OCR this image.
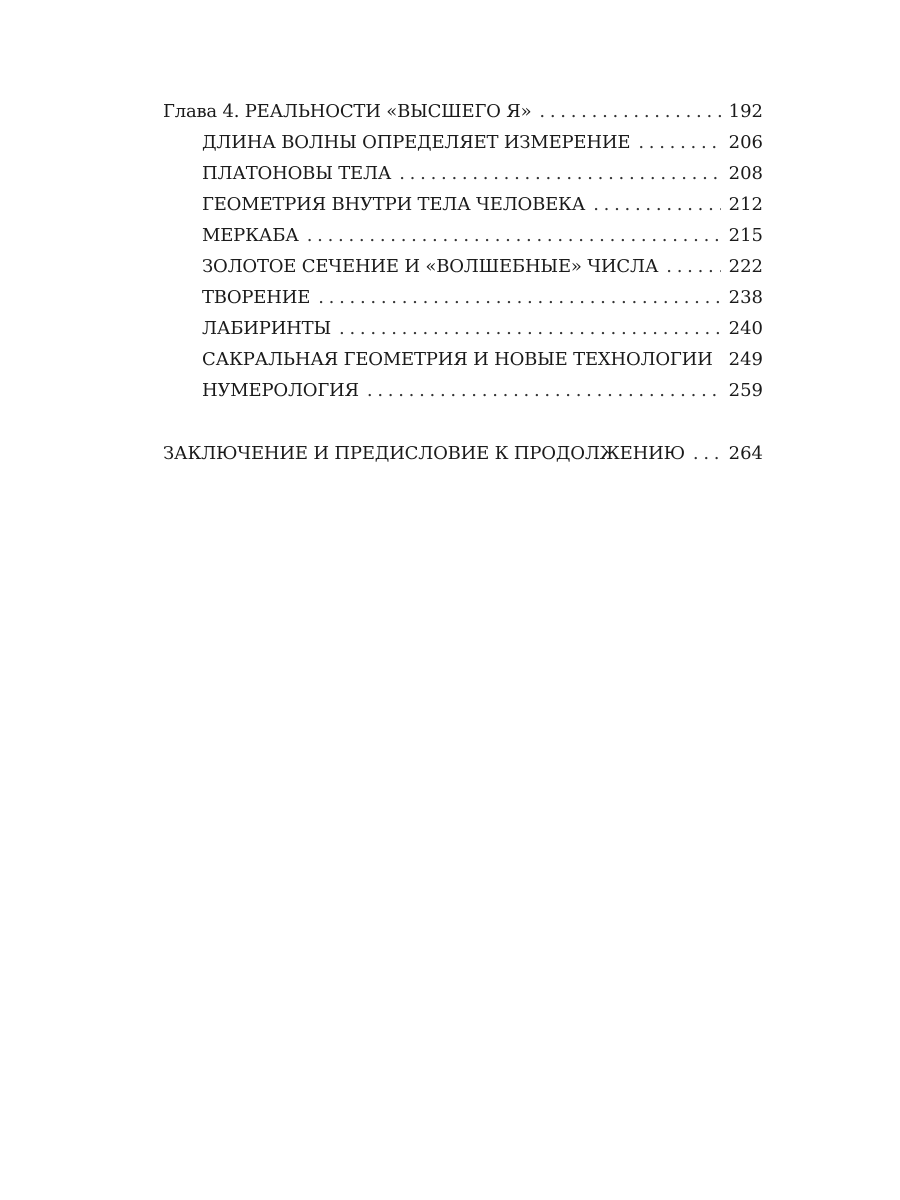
Глава 4. РЕАЛЬНОСТИ «ВЫСШЕГО Я» . . .	192
ДЛИНА ВОЛНЫ ОПРЕДЕЛЯЕТ ИЗМЕРЕНИЕ . . .	206
ПЛАТОНОВЫ ТЕЛА . . .	208
ГЕОМЕТРИЯ ВНУТРИ ТЕЛА ЧЕЛОВЕКА . . .	212
МЕРКАБА . . .	215
ЗОЛОТОЕ СЕЧЕНИЕ И «ВОЛШЕБНЫЕ» ЧИСЛА . . .	222
ТВОРЕНИЕ . . .	238
ЛАБИРИНТЫ . . .	240
САКРАЛЬНАЯ ГЕОМЕТРИЯ И НОВЫЕ ТЕХНОЛОГИИ 249
НУМЕРОЛОГИЯ . . .	259
ЗАКЛЮЧЕНИЕ И ПРЕДИСЛОВИЕ К ПРОДОЛЖЕНИЮ . . . 264
